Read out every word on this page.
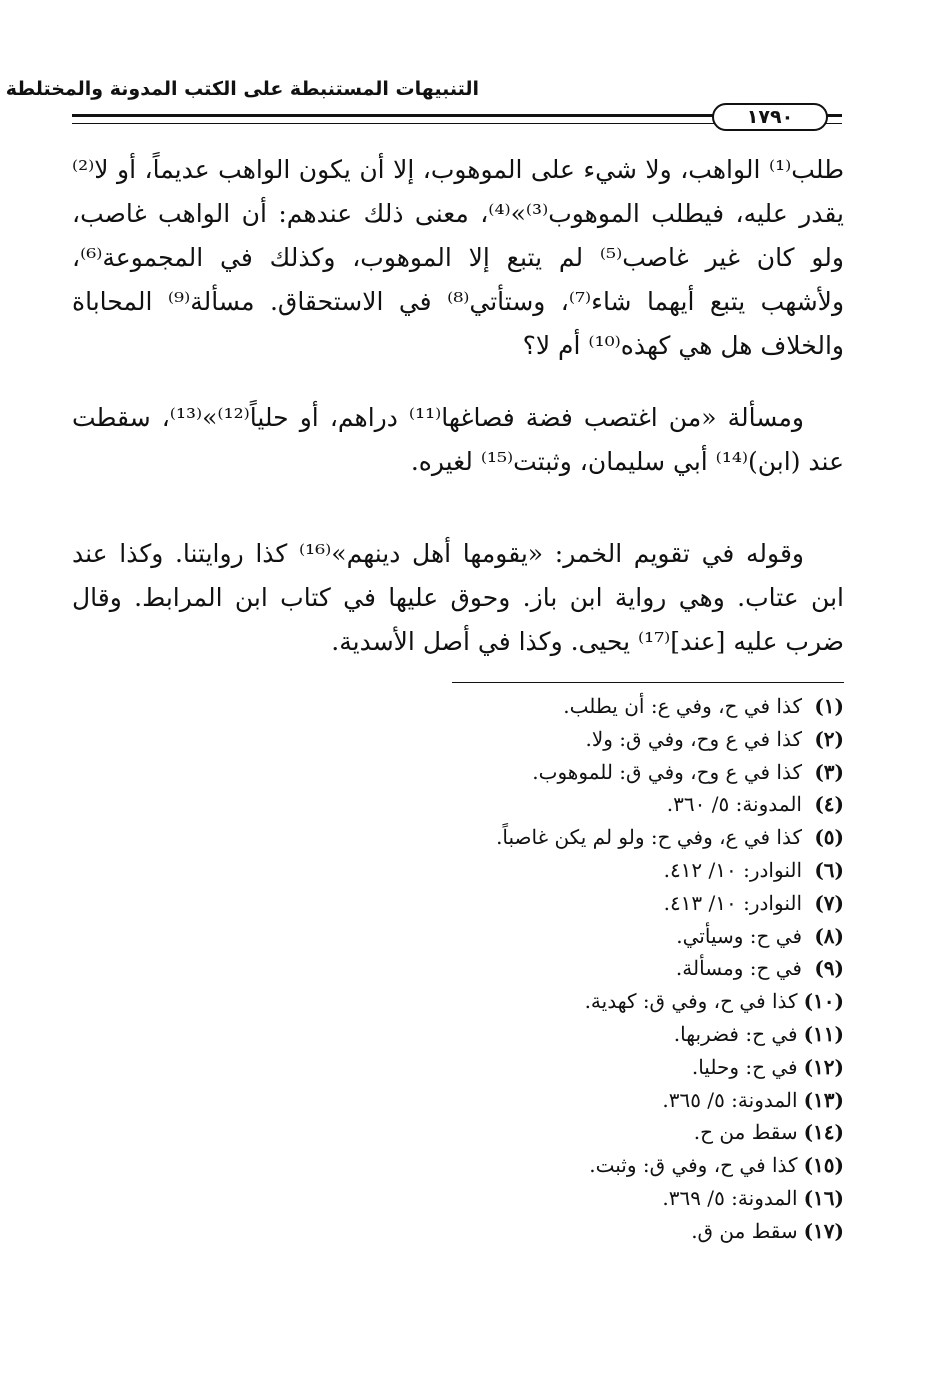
التنبيهات المستنبطة على الكتب المدونة والمختلطة
١٧٩٠

طلب⁽¹⁾ الواهب، ولا شيء على الموهوب، إلا أن يكون الواهب عديماً، أو لا⁽²⁾ يقدر عليه، فيطلب الموهوب⁽³⁾»⁽⁴⁾، معنى ذلك عندهم: أن الواهب غاصب، ولو كان غير غاصب⁽⁵⁾ لم يتبع إلا الموهوب، وكذلك في المجموعة⁽⁶⁾، ولأشهب يتبع أيهما شاء⁽⁷⁾، وستأتي⁽⁸⁾ في الاستحقاق. مسألة⁽⁹⁾ المحاباة والخلاف هل هي كهذه⁽¹⁰⁾ أم لا؟

ومسألة «من اغتصب فضة فصاغها⁽¹¹⁾ دراهم، أو حلياً⁽¹²⁾»⁽¹³⁾، سقطت عند (ابن)⁽¹⁴⁾ أبي سليمان، وثبتت⁽¹⁵⁾ لغيره.

وقوله في تقويم الخمر: «يقومها أهل دينهم»⁽¹⁶⁾ كذا روايتنا. وكذا عند ابن عتاب. وهي رواية ابن باز. وحوق عليها في كتاب ابن المرابط. وقال ضرب عليه [عند]⁽¹⁷⁾ يحيى. وكذا في أصل الأسدية.

(١)كذا في ح، وفي ع: أن يطلب.
(٢)كذا في ع وح، وفي ق: ولا.
(٣)كذا في ع وح، وفي ق: للموهوب.
(٤)المدونة: ٥/ ٣٦٠.
(٥)كذا في ع، وفي ح: ولو لم يكن غاصباً.
(٦)النوادر: ١٠/ ٤١٢.
(٧)النوادر: ١٠/ ٤١٣.
(٨)في ح: وسيأتي.
(٩)في ح: ومسألة.
(١٠)كذا في ح، وفي ق: كهدية.
(١١)في ح: فضربها.
(١٢)في ح: وحليا.
(١٣)المدونة: ٥/ ٣٦٥.
(١٤)سقط من ح.
(١٥)كذا في ح، وفي ق: وثبت.
(١٦)المدونة: ٥/ ٣٦٩.
(١٧)سقط من ق.
